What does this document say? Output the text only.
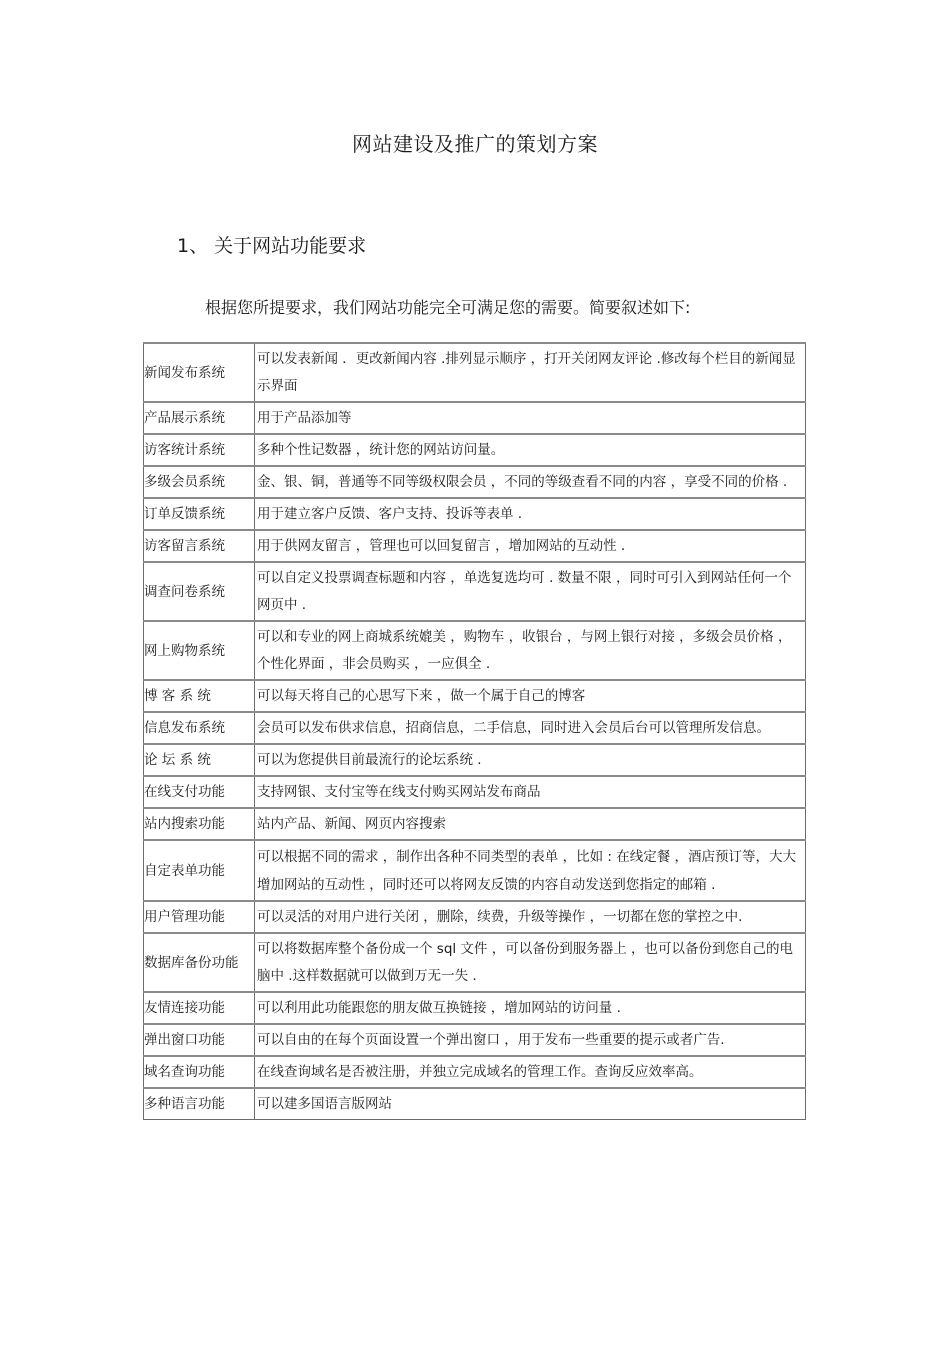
网站建设及推广的策划方案
1、 关于网站功能要求
根据您所提要求，我们网站功能完全可满足您的需要。简要叙述如下:
新闻发布系统	可以发表新闻 ．更改新闻内容 .排列显示顺序 ，打开关闭网友评论 .修改每个栏目的新闻显示界面
产品展示系统	用于产品添加等
访客统计系统	多种个性记数器 ，统计您的网站访问量。
多级会员系统	金、银、铜，普通等不同等级权限会员 ，不同的等级查看不同的内容 ，享受不同的价格 .
订单反馈系统	用于建立客户反馈、客户支持、投诉等表单 .
访客留言系统	用于供网友留言 ，管理也可以回复留言 ，增加网站的互动性 .
调查问卷系统	可以自定义投票调查标题和内容 ，单选复选均可 . 数量不限 ，同时可引入到网站任何一个网页中 .
网上购物系统	可以和专业的网上商城系统媲美 ，购物车 ，收银台 ，与网上银行对接 ，多级会员价格 ，个性化界面 ，非会员购买 ，一应俱全 .
博 客 系 统	可以每天将自己的心思写下来 ，做一个属于自己的博客
信息发布系统	会员可以发布供求信息，招商信息，二手信息，同时进入会员后台可以管理所发信息。
论 坛 系 统	可以为您提供目前最流行的论坛系统 .
在线支付功能	支持网银、支付宝等在线支付购买网站发布商品
站内搜索功能	站内产品、新闻、网页内容搜索
自定表单功能	可以根据不同的需求 ，制作出各种不同类型的表单 ，比如 : 在线定餐 ，酒店预订等，大大增加网站的互动性 ，同时还可以将网友反馈的内容自动发送到您指定的邮箱 .
用户管理功能	可以灵活的对用户进行关闭 ，删除，续费，升级等操作 ，一切都在您的掌控之中.
数据库备份功能	可以将数据库整个备份成一个 sql 文件 ，可以备份到服务器上 ，也可以备份到您自己的电脑中 .这样数据就可以做到万无一失 .
友情连接功能	可以利用此功能跟您的朋友做互换链接 ，增加网站的访问量 .
弹出窗口功能	可以自由的在每个页面设置一个弹出窗口 ，用于发布一些重要的提示或者广告.
域名查询功能	在线查询域名是否被注册，并独立完成域名的管理工作。查询反应效率高。
多种语言功能	可以建多国语言版网站
